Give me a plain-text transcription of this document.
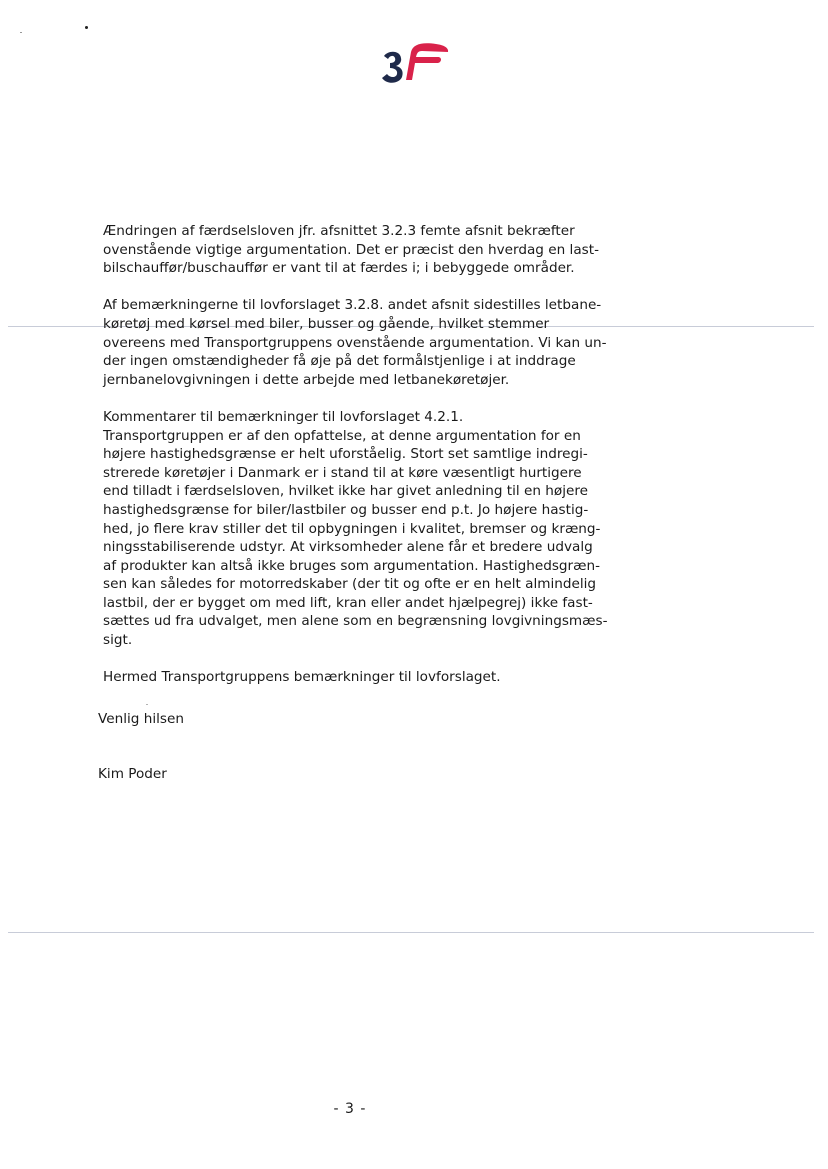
Ændringen af færdselsloven jfr. afsnittet 3.2.3 femte afsnit bekræfter
ovenstående vigtige argumentation. Det er præcist den hverdag en last-
bilschauffør/buschauffør er vant til at færdes i; i bebyggede områder.

Af bemærkningerne til lovforslaget 3.2.8. andet afsnit sidestilles letbane-
køretøj med kørsel med biler, busser og gående, hvilket stemmer
overeens med Transportgruppens ovenstående argumentation. Vi kan un-
der ingen omstændigheder få øje på det formålstjenlige i at inddrage
jernbanelovgivningen i dette arbejde med letbanekøretøjer.

Kommentarer til bemærkninger til lovforslaget 4.2.1.
Transportgruppen er af den opfattelse, at denne argumentation for en
højere hastighedsgrænse er helt uforståelig. Stort set samtlige indregi-
strerede køretøjer i Danmark er i stand til at køre væsentligt hurtigere
end tilladt i færdselsloven, hvilket ikke har givet anledning til en højere
hastighedsgrænse for biler/lastbiler og busser end p.t. Jo højere hastig-
hed, jo flere krav stiller det til opbygningen i kvalitet, bremser og kræng-
ningsstabiliserende udstyr. At virksomheder alene får et bredere udvalg
af produkter kan altså ikke bruges som argumentation. Hastighedsgræn-
sen kan således for motorredskaber (der tit og ofte er en helt almindelig
lastbil, der er bygget om med lift, kran eller andet hjælpegrej) ikke fast-
sættes ud fra udvalget, men alene som en begrænsning lovgivningsmæs-
sigt.

Hermed Transportgruppens bemærkninger til lovforslaget.

Venlig hilsen
Kim Poder
- 3 -
